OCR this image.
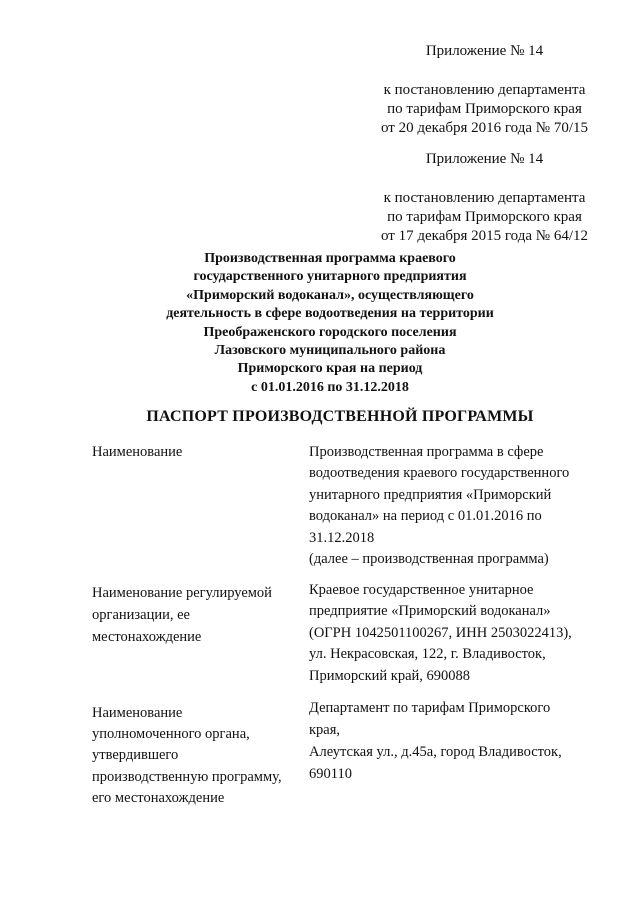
Приложение № 14
к постановлению департамента
по тарифам Приморского края
от 20 декабря 2016 года № 70/15
Приложение № 14
к постановлению департамента
по тарифам Приморского края
от 17 декабря 2015 года № 64/12
Производственная программа краевого
государственного унитарного предприятия
«Приморский водоканал», осуществляющего
деятельность в сфере водоотведения на территории
Преображенского городского поселения
Лазовского муниципального района
Приморского края на период
с 01.01.2016 по 31.12.2018
ПАСПОРТ ПРОИЗВОДСТВЕННОЙ ПРОГРАММЫ
Наименование	Производственная программа в сфере
водоотведения краевого государственного
унитарного предприятия «Приморский
водоканал» на период с 01.01.2016 по
31.12.2018
(далее – производственная программа)
Наименование регулируемой
организации, ее
местонахождение
Краевое государственное унитарное
предприятие «Приморский водоканал»
(ОГРН 1042501100267, ИНН 2503022413),
ул. Некрасовская, 122, г. Владивосток,
Приморский край, 690088
Наименование
уполномоченного органа,
утвердившего
производственную программу,
его местонахождение
Департамент по тарифам Приморского
края,
Алеутская ул., д.45а, город Владивосток,
690110
